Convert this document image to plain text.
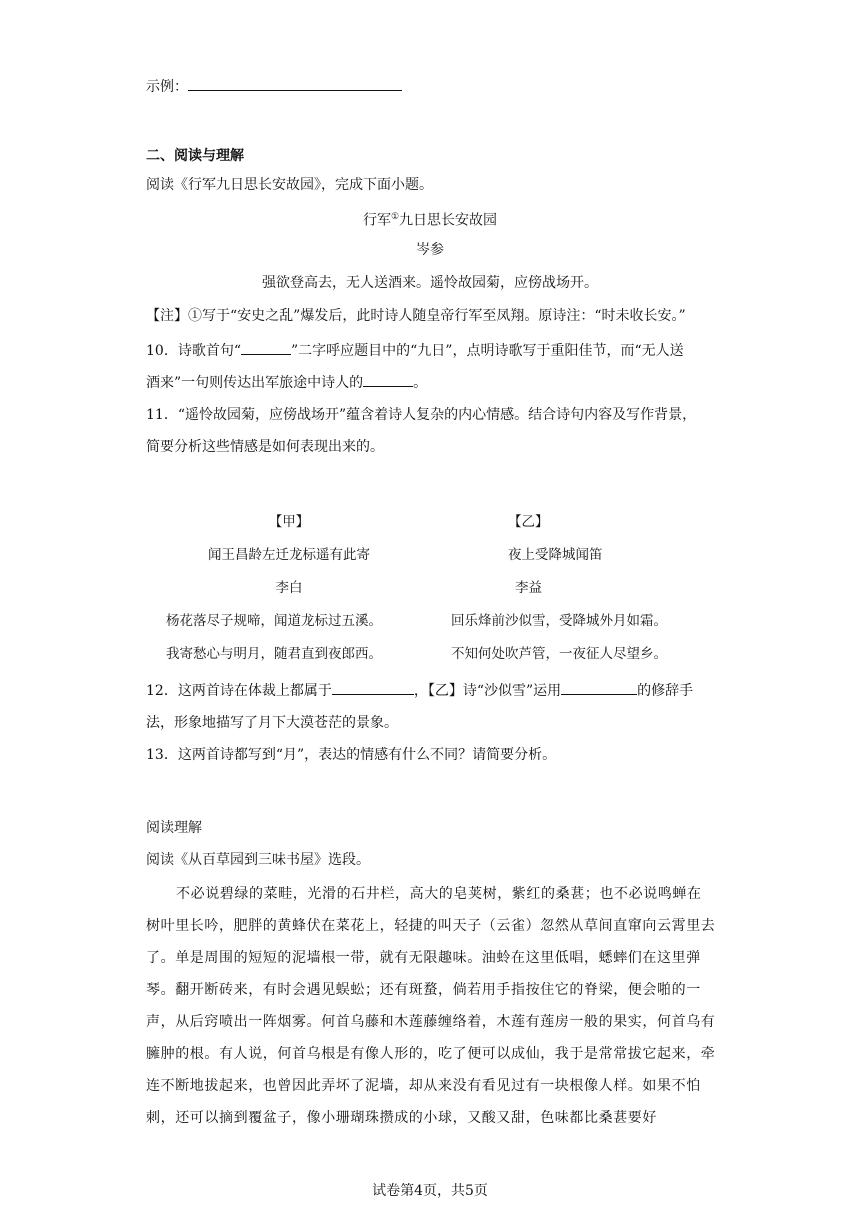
示例：
二、阅读与理解
阅读《行军九日思长安故园》，完成下面小题。
行军①九日思长安故园
岑参
强欲登高去，无人送酒来。遥怜故园菊，应傍战场开。
【注】①写于“安史之乱”爆发后，此时诗人随皇帝行军至凤翔。原诗注：“时未收长安。”
10．诗歌首句“	”二字呼应题目中的“九日”，点明诗歌写于重阳佳节，而“无人送
酒来”一句则传达出军旅途中诗人的	。
11．“遥怜故园菊，应傍战场开”蕴含着诗人复杂的内心情感。结合诗句内容及写作背景，
简要分析这些情感是如何表现出来的。
【甲】
闻王昌龄左迁龙标遥有此寄
李白
杨花落尽子规啼，闻道龙标过五溪。
我寄愁心与明月，随君直到夜郎西。
【乙】
夜上受降城闻笛
李益
回乐烽前沙似雪，受降城外月如霜。
不知何处吹芦管，一夜征人尽望乡。
12．这两首诗在体裁上都属于	，【乙】诗“沙似雪”运用	的修辞手
法，形象地描写了月下大漠苍茫的景象。
13．这两首诗都写到“月”，表达的情感有什么不同？请简要分析。
阅读理解
阅读《从百草园到三味书屋》选段。
不必说碧绿的菜畦，光滑的石井栏，高大的皂荚树，紫红的桑葚；也不必说鸣蝉在树叶里长吟，肥胖的黄蜂伏在菜花上，轻捷的叫天子（云雀）忽然从草间直窜向云霄里去了。单是周围的短短的泥墙根一带，就有无限趣味。油蛉在这里低唱，蟋蟀们在这里弹琴。翻开断砖来，有时会遇见蜈蚣；还有斑蝥，倘若用手指按住它的脊梁，便会啪的一声，从后窍喷出一阵烟雾。何首乌藤和木莲藤缠络着，木莲有莲房一般的果实，何首乌有臃肿的根。有人说，何首乌根是有像人形的，吃了便可以成仙，我于是常常拔它起来，牵连不断地拔起来，也曾因此弄坏了泥墙，却从来没有看见过有一块根像人样。如果不怕刺，还可以摘到覆盆子，像小珊瑚珠攒成的小球，又酸又甜，色味都比桑葚要好
试卷第4页，共5页
